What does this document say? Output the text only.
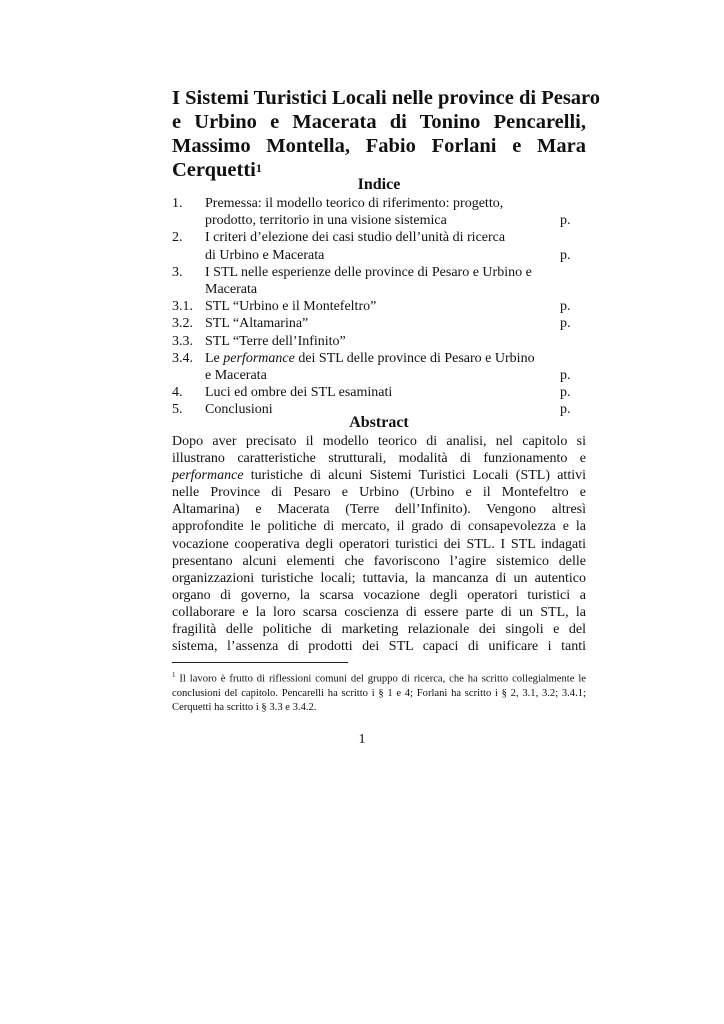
I Sistemi Turistici Locali nelle province di Pesaro
e Urbino e Macerata di Tonino Pencarelli,
Massimo Montella, Fabio Forlani e Mara
Cerquetti$^1$
Indice
1. Premessa: il modello teorico di riferimento: progetto,
prodotto, territorio in una visione sistemica	p.
2. I criteri d’elezione dei casi studio dell’unità di ricerca
di Urbino e Macerata	p.
3. I STL nelle esperienze delle province di Pesaro e Urbino e
Macerata
3.1. STL “Urbino e il Montefeltro”	p.
3.2. STL “Altamarina”	p.
3.3. STL “Terre dell’Infinito”
3.4. Le performance dei STL delle province di Pesaro e Urbino
e Macerata	p.
4. Luci ed ombre dei STL esaminati	p.
5. Conclusioni	p.
Abstract
Dopo aver precisato il modello teorico di analisi, nel capitolo si
illustrano caratteristiche strutturali, modalità di funzionamento e
performance turistiche di alcuni Sistemi Turistici Locali (STL) attivi
nelle Province di Pesaro e Urbino (Urbino e il Montefeltro e
Altamarina) e Macerata (Terre dell’Infinito). Vengono altresì
approfondite le politiche di mercato, il grado di consapevolezza e la
vocazione cooperativa degli operatori turistici dei STL. I STL indagati
presentano alcuni elementi che favoriscono l’agire sistemico delle
organizzazioni turistiche locali; tuttavia, la mancanza di un autentico
organo di governo, la scarsa vocazione degli operatori turistici a
collaborare e la loro scarsa coscienza di essere parte di un STL, la
fragilità delle politiche di marketing relazionale dei singoli e del
sistema, l’assenza di prodotti dei STL capaci di unificare i tanti
$^1$ Il lavoro è frutto di riflessioni comuni del gruppo di ricerca, che ha scritto collegialmente le
conclusioni del capitolo. Pencarelli ha scritto i § 1 e 4; Forlani ha scritto i § 2, 3.1, 3.2; 3.4.1;
Cerquetti ha scritto i § 3.3 e 3.4.2.
1
